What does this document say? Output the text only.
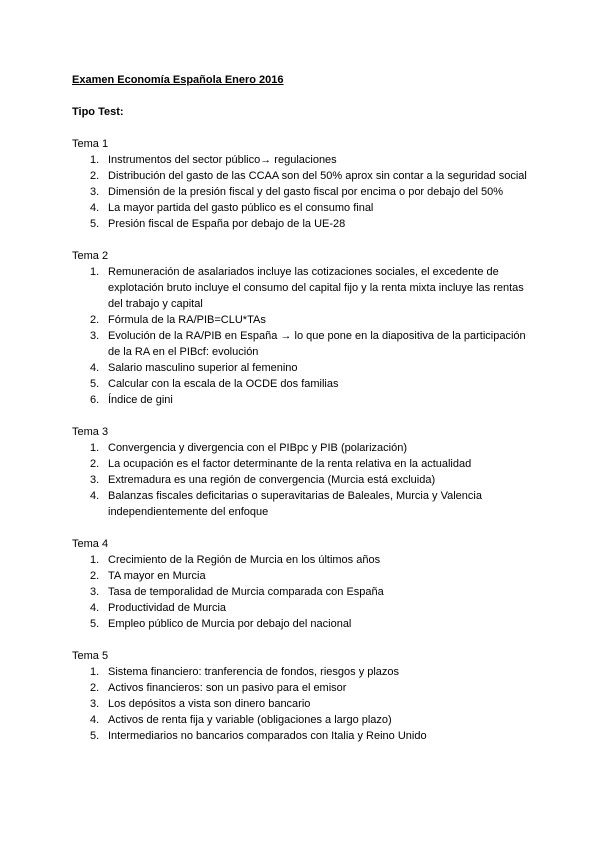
Examen Economía Española Enero 2016

Tipo Test:

Tema 1

1. Instrumentos del sector público→ regulaciones
2. Distribución del gasto de las CCAA son del 50% aprox sin contar a la seguridad social
3. Dimensión de la presión fiscal y del gasto fiscal por encima o por debajo del 50%
4. La mayor partida del gasto público es el consumo final
5. Presión fiscal de España por debajo de la UE-28

Tema 2

1. Remuneración de asalariados incluye las cotizaciones sociales, el excedente de explotación bruto incluye el consumo del capital fijo y la renta mixta incluye las rentas del trabajo y capital
2. Fórmula de la RA/PIB=CLU*TAs
3. Evolución de la RA/PIB en España → lo que pone en la diapositiva de la participación de la RA en el PIBcf: evolución
4. Salario masculino superior al femenino
5. Calcular con la escala de la OCDE dos familias
6. Índice de gini

Tema 3

1. Convergencia y divergencia con el PIBpc y PIB (polarización)
2. La ocupación es el factor determinante de la renta relativa en la actualidad
3. Extremadura es una región de convergencia (Murcia está excluida)
4. Balanzas fiscales deficitarias o superavitarias de Baleales, Murcia y Valencia independientemente del enfoque

Tema 4

1. Crecimiento de la Región de Murcia en los últimos años
2. TA mayor en Murcia
3. Tasa de temporalidad de Murcia comparada con España
4. Productividad de Murcia
5. Empleo público de Murcia por debajo del nacional

Tema 5

1. Sistema financiero: tranferencia de fondos, riesgos y plazos
2. Activos financieros: son un pasivo para el emisor
3. Los depósitos a vista son dinero bancario
4. Activos de renta fija y variable (obligaciones a largo plazo)
5. Intermediarios no bancarios comparados con Italia y Reino Unido
